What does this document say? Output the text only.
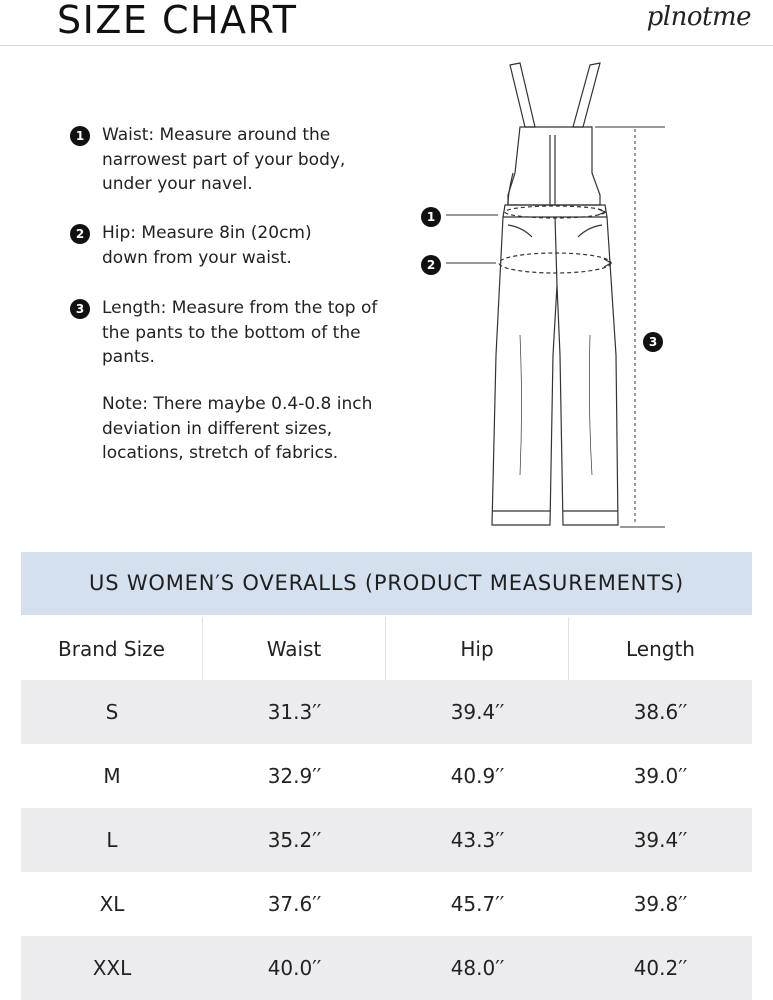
SIZE CHART	plnotme
1	Waist: Measure around the narrowest part of your body, under your navel.
2	Hip: Measure 8in (20cm) down from your waist.
3	Length: Measure from the top of the pants to the bottom of the pants.
Note: There maybe 0.4-0.8 inch deviation in different sizes, locations, stretch of fabrics.
1
2
3
US WOMEN′S OVERALLS (PRODUCT MEASUREMENTS)
Brand Size	Waist	Hip	Length
S	31.3′′	39.4′′	38.6′′
M	32.9′′	40.9′′	39.0′′
L	35.2′′	43.3′′	39.4′′
XL	37.6′′	45.7′′	39.8′′
XXL	40.0′′	48.0′′	40.2′′
